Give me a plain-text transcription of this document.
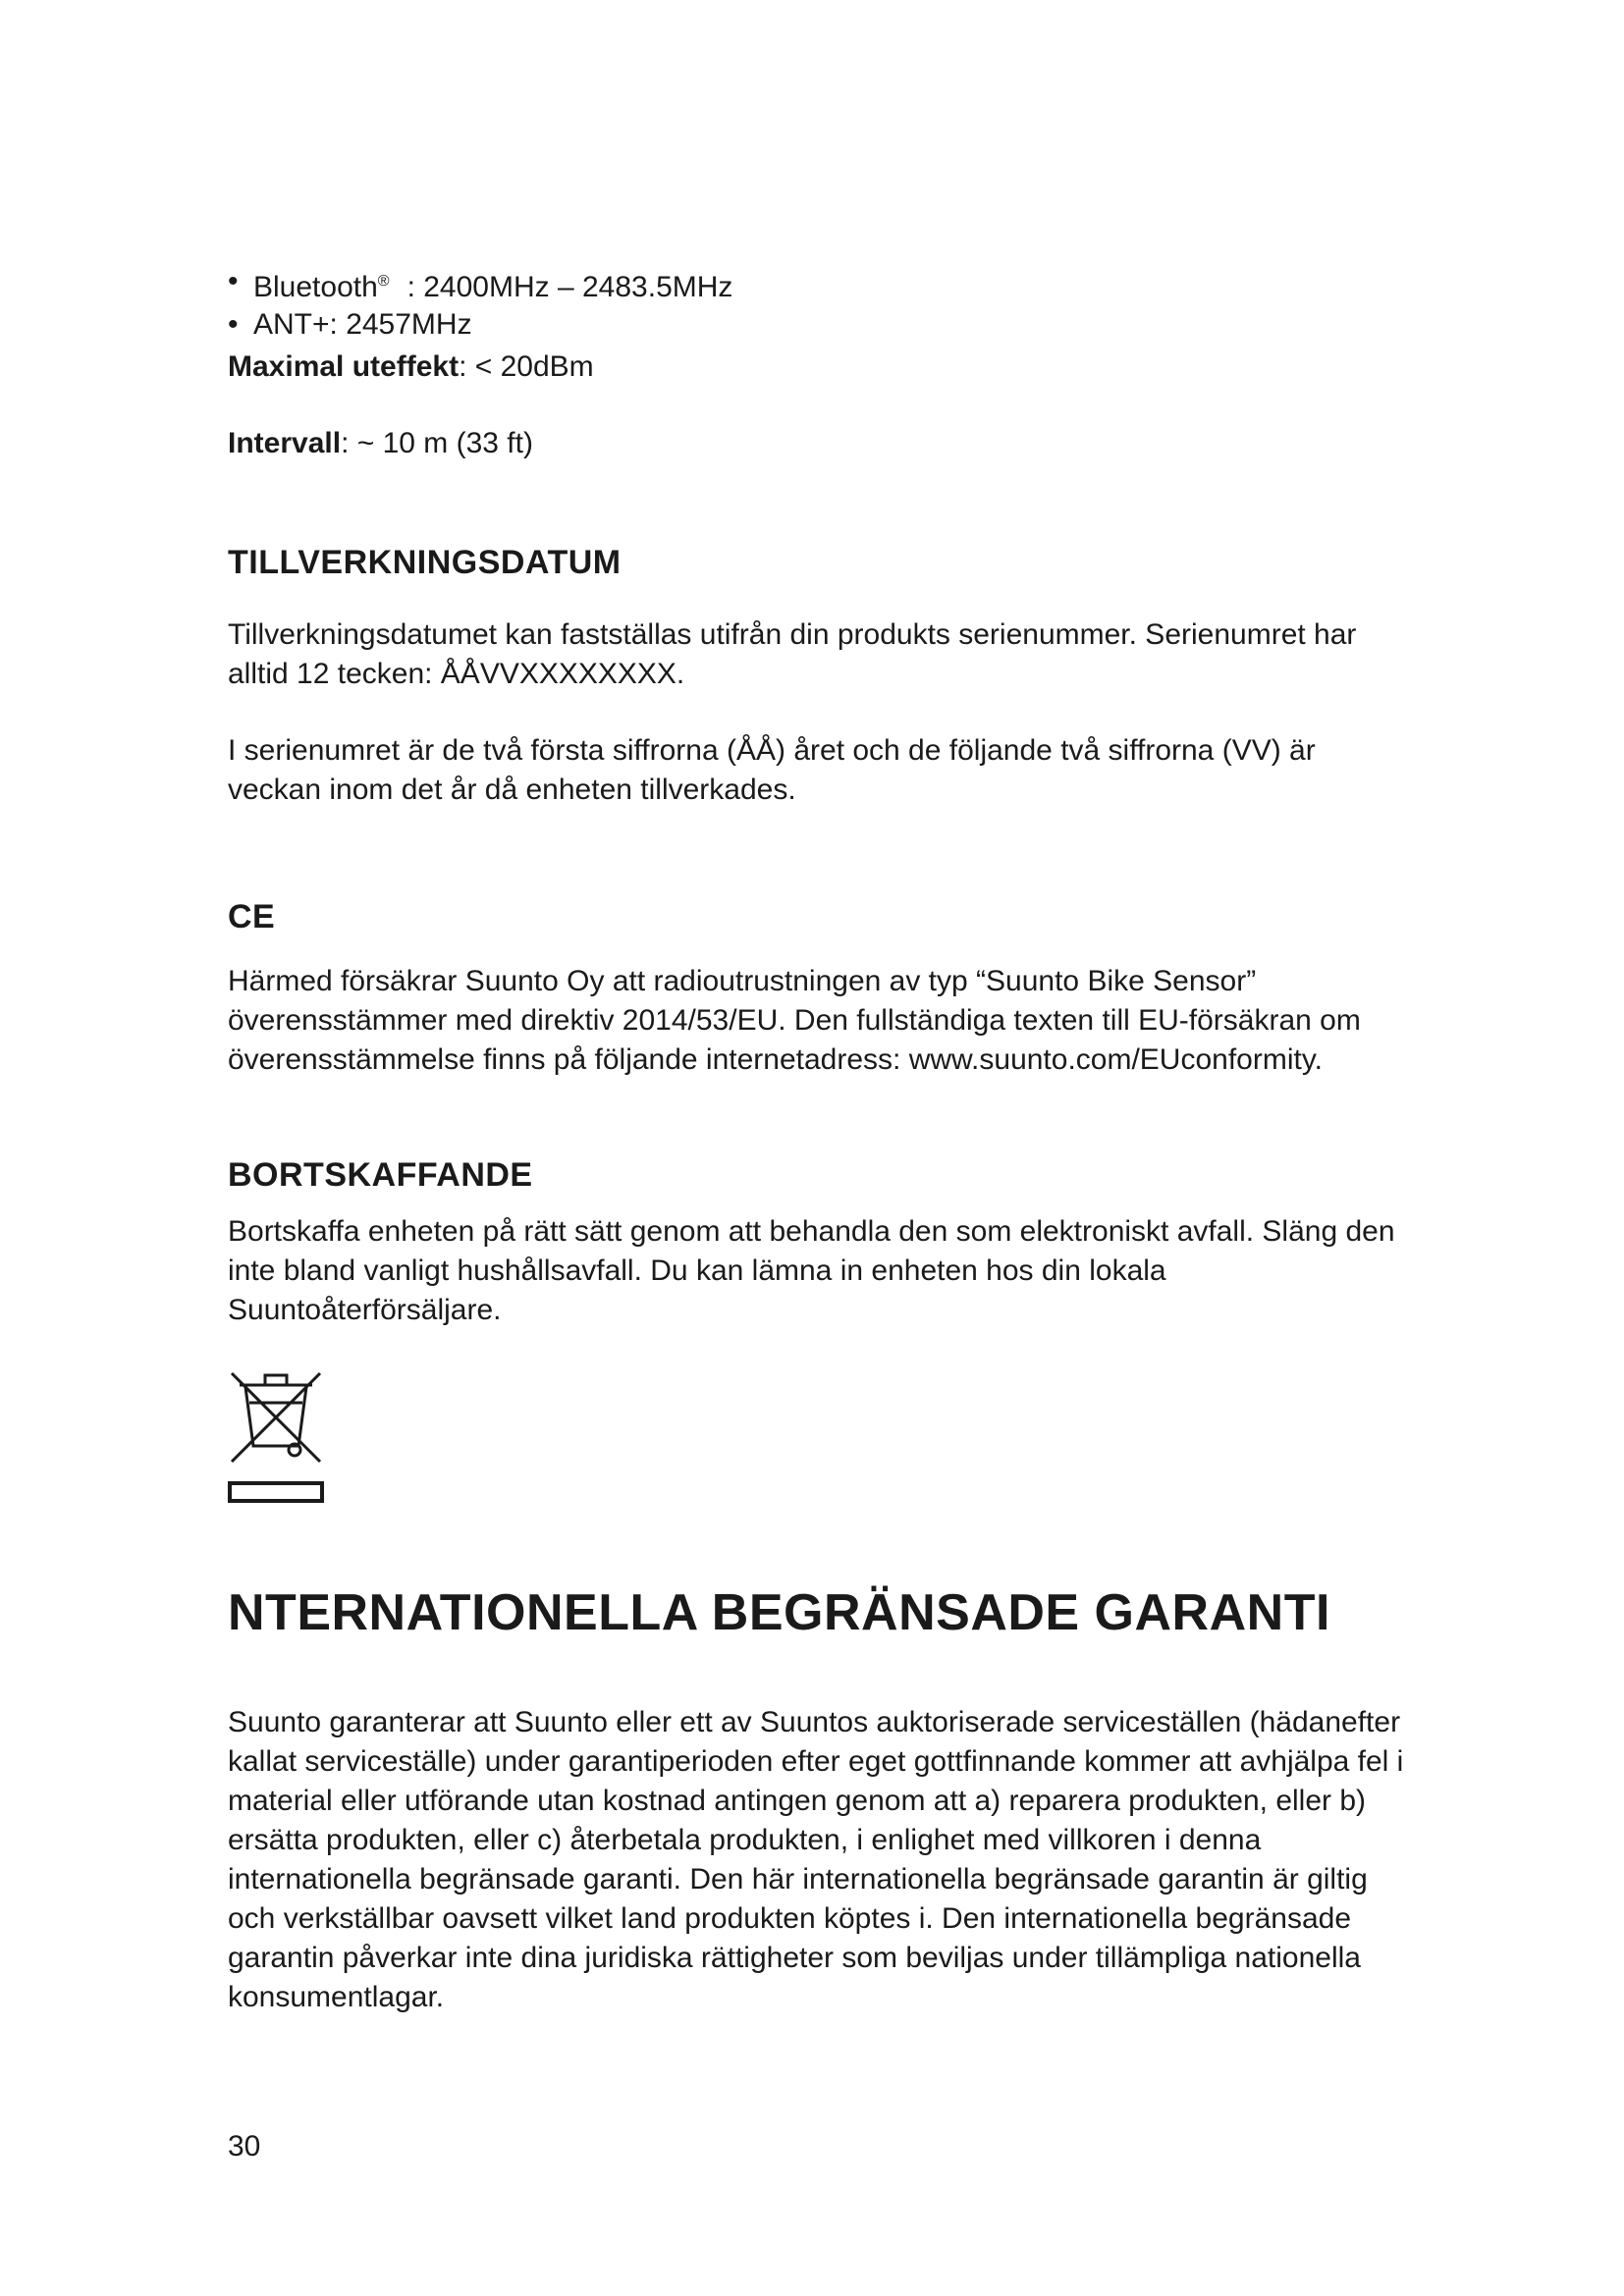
• Bluetooth® : 2400MHz – 2483.5MHz
• ANT+: 2457MHz

Maximal uteffekt: < 20dBm

Intervall: ~ 10 m (33 ft)

TILLVERKNINGSDATUM

Tillverkningsdatumet kan fastställas utifrån din produkts serienummer. Serienumret har alltid 12 tecken: ÅÅVVXXXXXXXX.

I serienumret är de två första siffrorna (ÅÅ) året och de följande två siffrorna (VV) är veckan inom det år då enheten tillverkades.

CE

Härmed försäkrar Suunto Oy att radioutrustningen av typ “Suunto Bike Sensor” överensstämmer med direktiv 2014/53/EU. Den fullständiga texten till EU-försäkran om överensstämmelse finns på följande internetadress: www.suunto.com/EUconformity.

BORTSKAFFANDE

Bortskaffa enheten på rätt sätt genom att behandla den som elektroniskt avfall. Släng den inte bland vanligt hushållsavfall. Du kan lämna in enheten hos din lokala Suuntoåterförsäljare.

NTERNATIONELLA BEGRÄNSADE GARANTI

Suunto garanterar att Suunto eller ett av Suuntos auktoriserade serviceställen (hädanefter kallat serviceställe) under garantiperioden efter eget gottfinnande kommer att avhjälpa fel i material eller utförande utan kostnad antingen genom att a) reparera produkten, eller b) ersätta produkten, eller c) återbetala produkten, i enlighet med villkoren i denna internationella begränsade garanti. Den här internationella begränsade garantin är giltig och verkställbar oavsett vilket land produkten köptes i. Den internationella begränsade garantin påverkar inte dina juridiska rättigheter som beviljas under tillämpliga nationella konsumentlagar.

30
